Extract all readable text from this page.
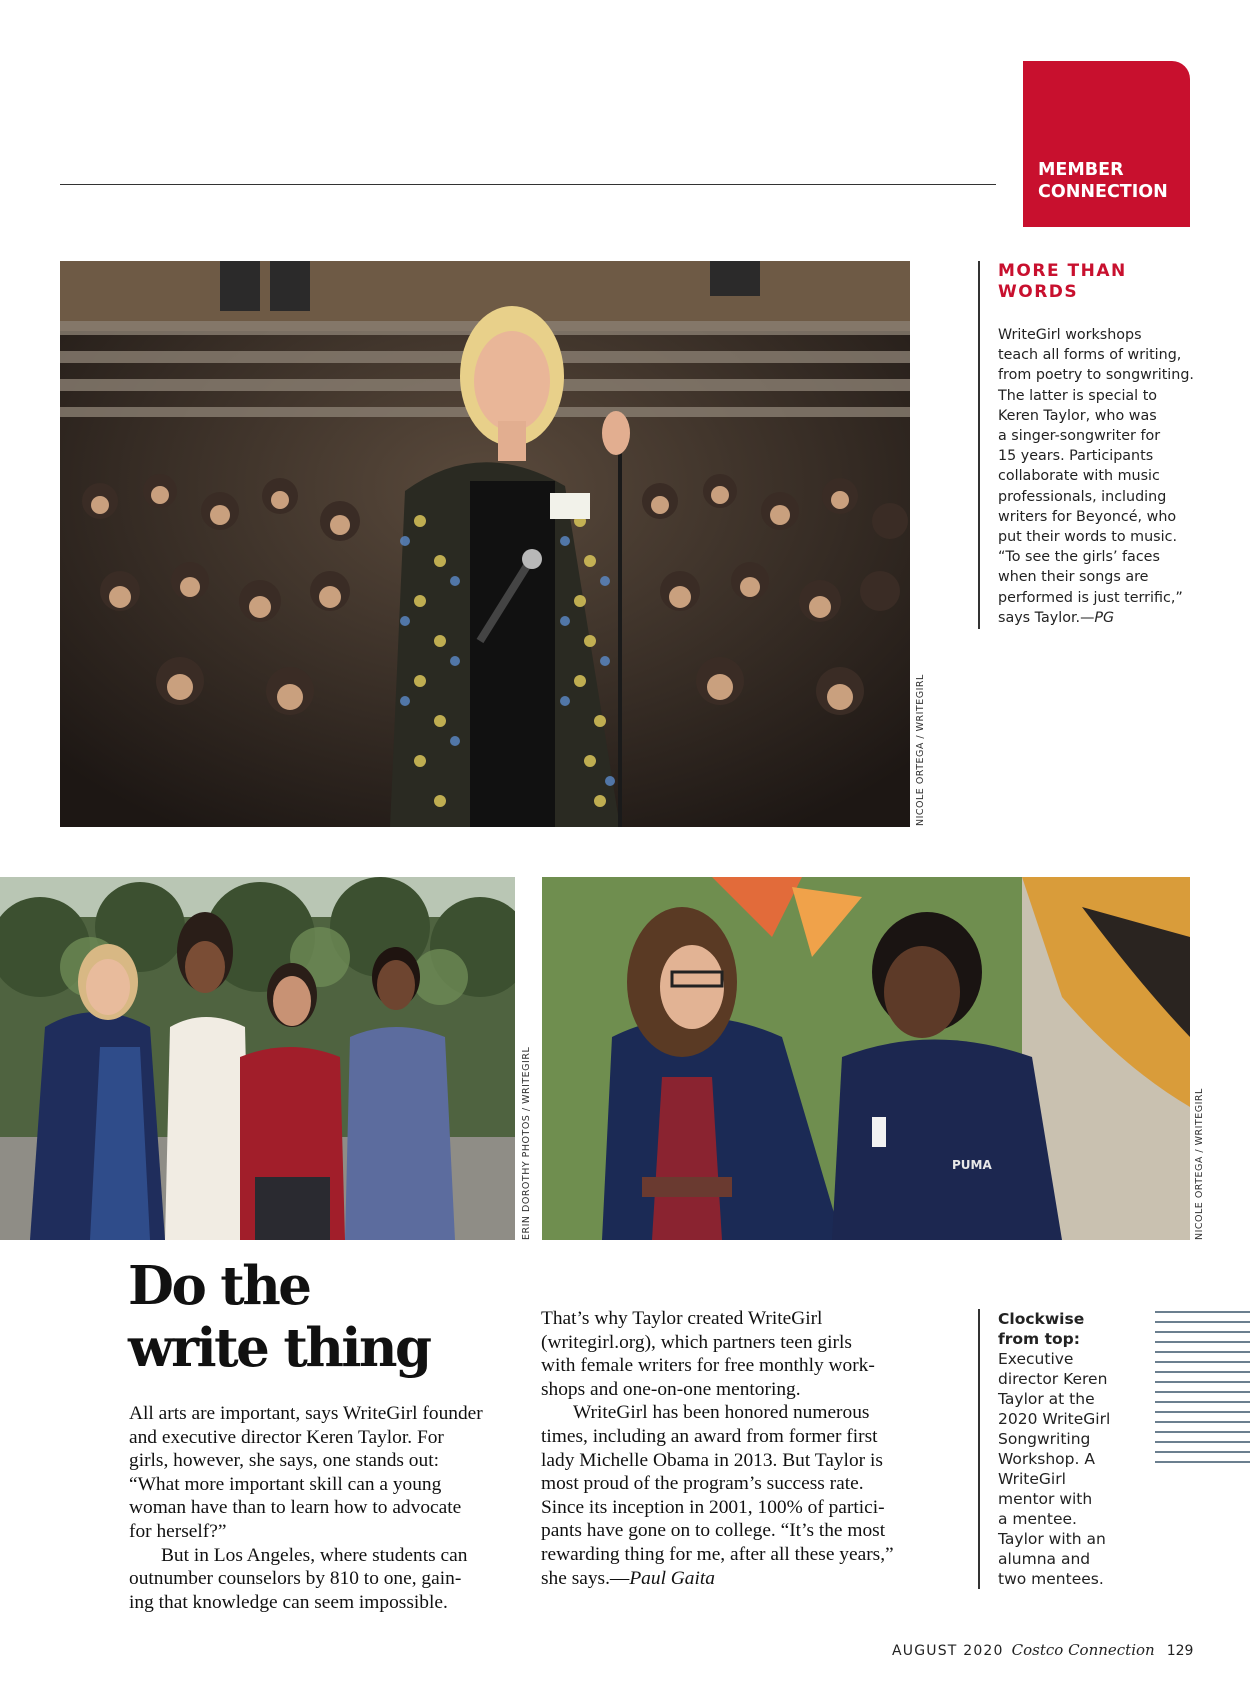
MEMBER
CONNECTION
NICOLE ORTEGA / WRITEGIRL
MORE THAN
WORDS
WriteGirl workshops
teach all forms of writing,
from poetry to songwriting.
The latter is special to
Keren Taylor, who was
a singer-songwriter for
15 years. Participants
collaborate with music
professionals, including
writers for Beyoncé, who
put their words to music.
“To see the girls’ faces
when their songs are
performed is just terrific,”
says Taylor.—PG
ERIN DOROTHY PHOTOS / WRITEGIRL	PUMA	NICOLE ORTEGA / WRITEGIRL
Do the
write thing
All arts are important, says WriteGirl founder
and executive director Keren Taylor. For
girls, however, she says, one stands out:
“What more important skill can a young
woman have than to learn how to advocate
for herself?”
But in Los Angeles, where students can
outnumber counselors by 810 to one, gain-
ing that knowledge can seem impossible.
That’s why Taylor created WriteGirl
(writegirl.org), which partners teen girls
with female writers for free monthly work-
shops and one-on-one mentoring.
WriteGirl has been honored numerous
times, including an award from former first
lady Michelle Obama in 2013. But Taylor is
most proud of the program’s success rate.
Since its inception in 2001, 100% of partici-
pants have gone on to college. “It’s the most
rewarding thing for me, after all these years,”
she says.—Paul Gaita
Clockwise
from top:
Executive
director Keren
Taylor at the
2020 WriteGirl
Songwriting
Workshop. A
WriteGirl
mentor with
a mentee.
Taylor with an
alumna and
two mentees.
AUGUST 2020 Costco Connection 129
